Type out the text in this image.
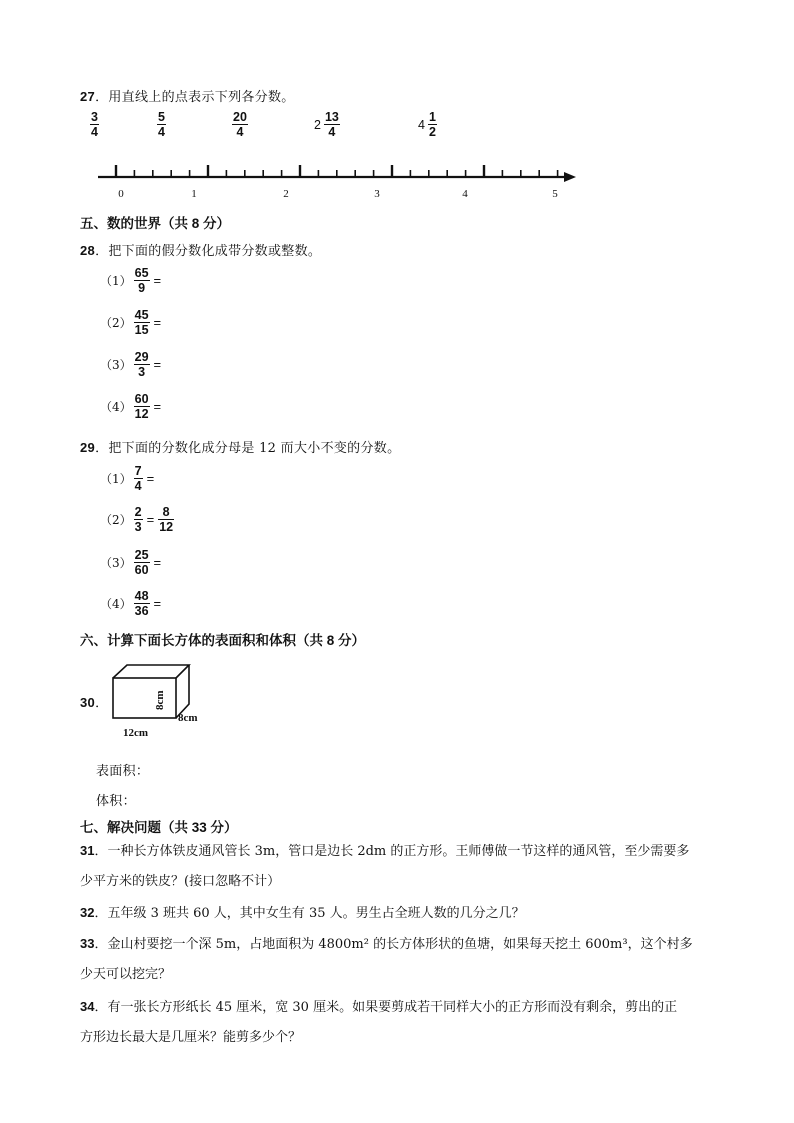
27．用直线上的点表示下列各分数。
$\frac{3}{4}$	$\frac{5}{4}$	$\frac{20}{4}$	$2 \frac{13}{4}$	$4 \frac{1}{2}$
0	1	2	3	4	5
五、数的世界（共 8 分）
28．把下面的假分数化成带分数或整数。
$(1) \frac{65}{9}$ =
$(2) \frac{45}{15}$ =
$(3) \frac{29}{3}$ =
$(4) \frac{60}{12}$ =
29．把下面的分数化成分母是 12 而大小不变的分数。
$(1) \frac{7}{4}$ =
$(2) \frac{2}{3} = \frac{8}{12}$
$(3) \frac{25}{60}$ =
$(4) \frac{48}{36}$ =
六、计算下面长方体的表面积和体积（共 8 分）
30．	8cm
8cm
12cm
表面积：
体积：
七、解决问题（共 33 分）
31．一种长方体铁皮通风管长 3m，管口是边长 2dm 的正方形。王师傅做一节这样的通风管，至少需要多
少平方米的铁皮？(接口忽略不计）
32．五年级 3 班共 60 人，其中女生有 35 人。男生占全班人数的几分之几？
33．金山村要挖一个深 5m，占地面积为 4800m² 的长方体形状的鱼塘，如果每天挖土 600m³，这个村多
少天可以挖完？
34．有一张长方形纸长 45 厘米，宽 30 厘米。如果要剪成若干同样大小的正方形而没有剩余，剪出的正
方形边长最大是几厘米？能剪多少个？
